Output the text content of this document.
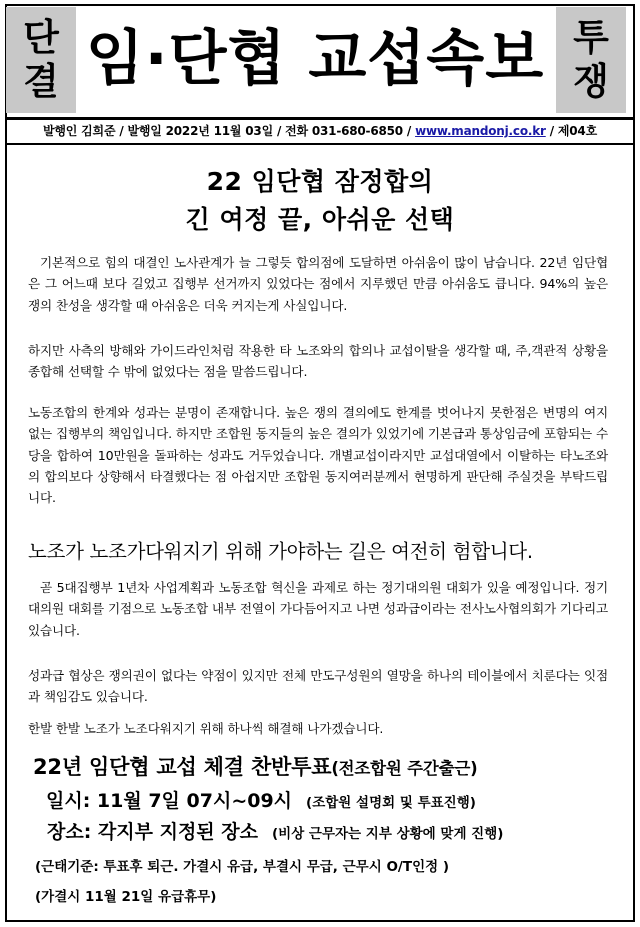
단
결 임·단협 교섭속보 투
쟁
발행인 김희준 / 발행일 2022년 11월 03일 / 전화 031-680-6850 / www.mandonj.co.kr / 제04호
22 임단협 잠정합의
긴 여정 끝, 아쉬운 선택

기본적으로 힘의 대결인 노사관계가 늘 그렇듯 합의점에 도달하면 아쉬움이 많이 남습니다. 22년 임단협은 그 어느때 보다 길었고 집행부 선거까지 있었다는 점에서 지루했던 만큼 아쉬움도 큽니다. 94%의 높은 쟁의 찬성을 생각할 때 아쉬움은 더욱 커지는게 사실입니다.

하지만 사측의 방해와 가이드라인처럼 작용한 타 노조와의 합의나 교섭이탈을 생각할 때, 주,객관적 상황을 종합해 선택할 수 밖에 없었다는 점을 말씀드립니다.

노동조합의 한계와 성과는 분명이 존재합니다. 높은 쟁의 결의에도 한계를 벗어나지 못한점은 변명의 여지 없는 집행부의 책임입니다. 하지만 조합원 동지들의 높은 결의가 있었기에 기본급과 통상임금에 포함되는 수당을 합하여 10만원을 돌파하는 성과도 거두었습니다. 개별교섭이라지만 교섭대열에서 이탈하는 타노조와의 합의보다 상향해서 타결했다는 점 아쉽지만 조합원 동지여러분께서 현명하게 판단해 주실것을 부탁드립니다.

노조가 노조가다워지기 위해 가야하는 길은 여전히 험합니다.

곧 5대집행부 1년차 사업계획과 노동조합 혁신을 과제로 하는 정기대의원 대회가 있을 예정입니다. 정기대의원 대회를 기점으로 노동조합 내부 전열이 가다듬어지고 나면 성과급이라는 전사노사협의회가 기다리고 있습니다.

성과급 협상은 쟁의권이 없다는 약점이 있지만 전체 만도구성원의 열망을 하나의 테이블에서 치룬다는 잇점과 책임감도 있습니다.

한발 한발 노조가 노조다워지기 위해 하나씩 해결해 나가겠습니다.

22년 임단협 교섭 체결 찬반투표(전조합원 주간출근)
일시: 11월 7일 07시~09시 (조합원 설명회 및 투표진행)
장소: 각지부 지정된 장소 (비상 근무자는 지부 상황에 맞게 진행)
(근태기준: 투표후 퇴근. 가결시 유급, 부결시 무급, 근무시 O/T인정 )
(가결시 11월 21일 유급휴무)
